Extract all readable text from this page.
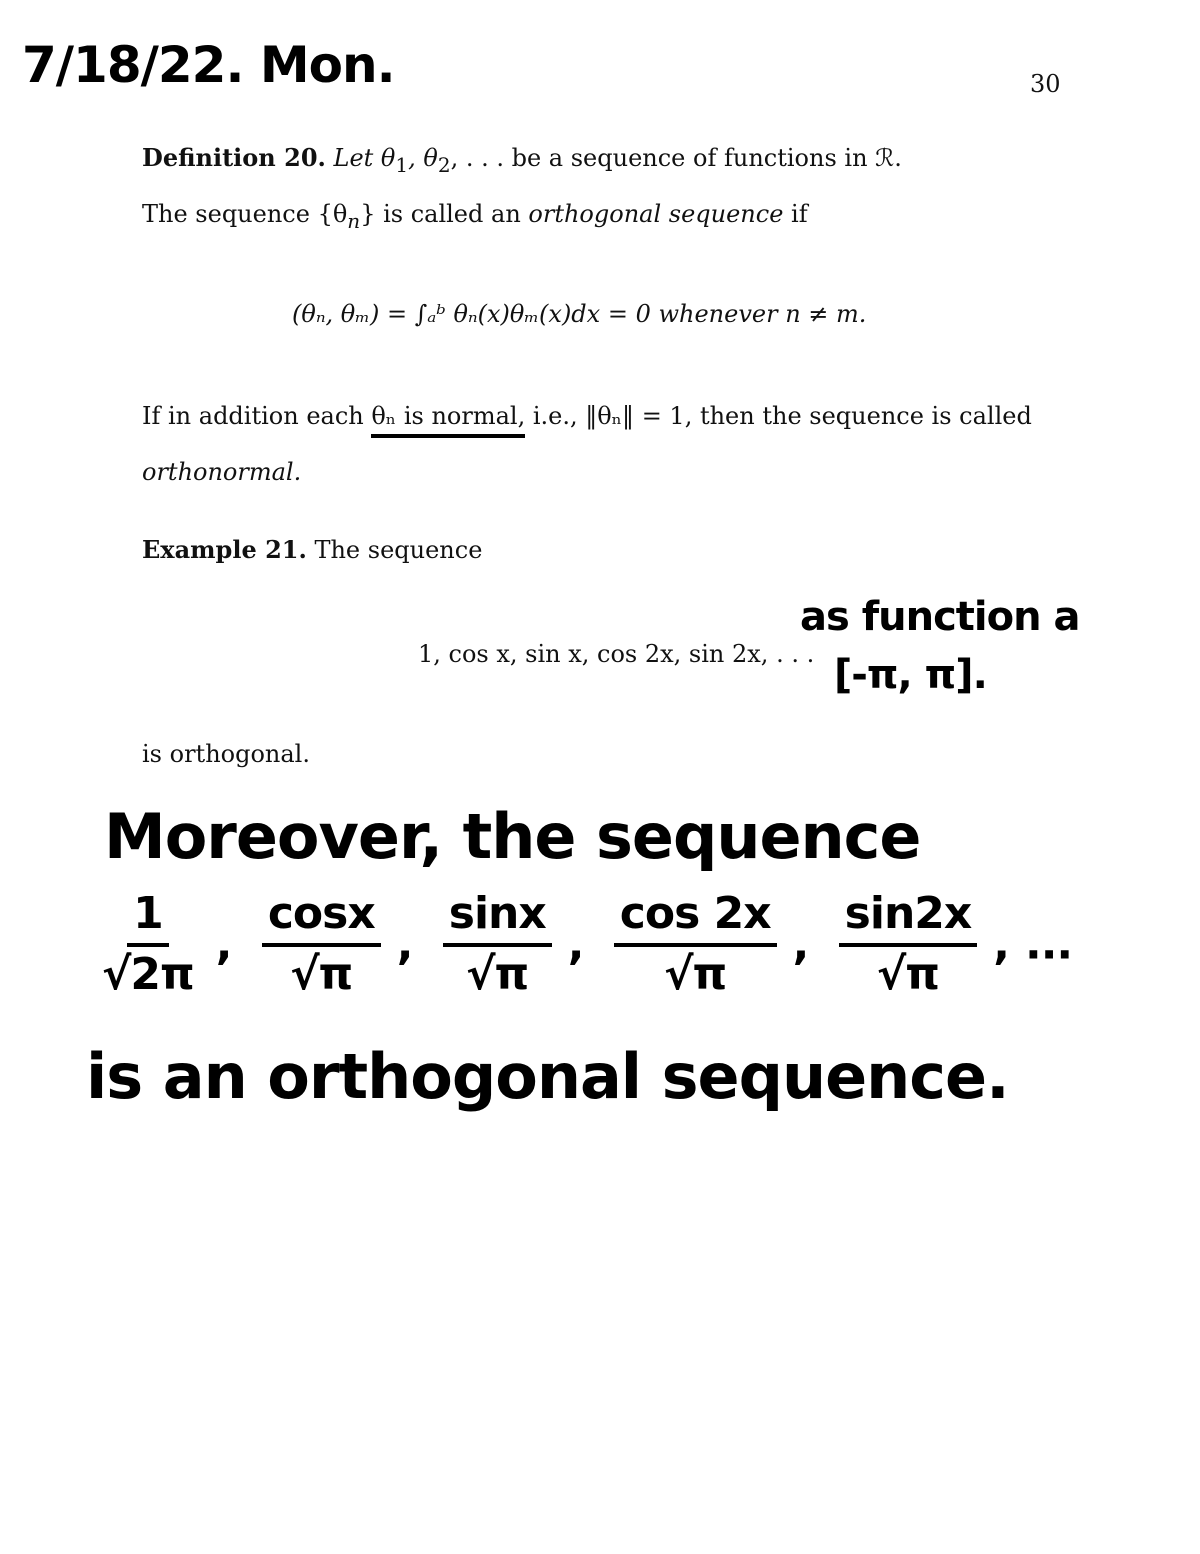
7/18/22. Mon.	30
Definition 20. Let $\theta_1$, $\theta_2$, . . . be a sequence of functions in ℛ.
The sequence $\{\theta_n\}$ is called an orthogonal sequence if
(θₙ, θₘ) = ∫ₐᵇ θₙ(x)θₘ(x)dx = 0 whenever n ≠ m.
If in addition each θₙ is normal, i.e., ‖θₙ‖ = 1, then the sequence is called
orthonormal.
Example 21. The sequence
1, cos x, sin x, cos 2x, sin 2x, . . .
as function a
[-π, π].
is orthogonal.
Moreover, the sequence
$\frac{1}{√2\pi}$ , $\frac{\cos x}{√\pi}$ , $\frac{\sin x}{√\pi}$ , $\frac{\cos 2x}{√\pi}$ , $\frac{\sin 2x}{√\pi}$ , ...
is an orthogonal sequence.
